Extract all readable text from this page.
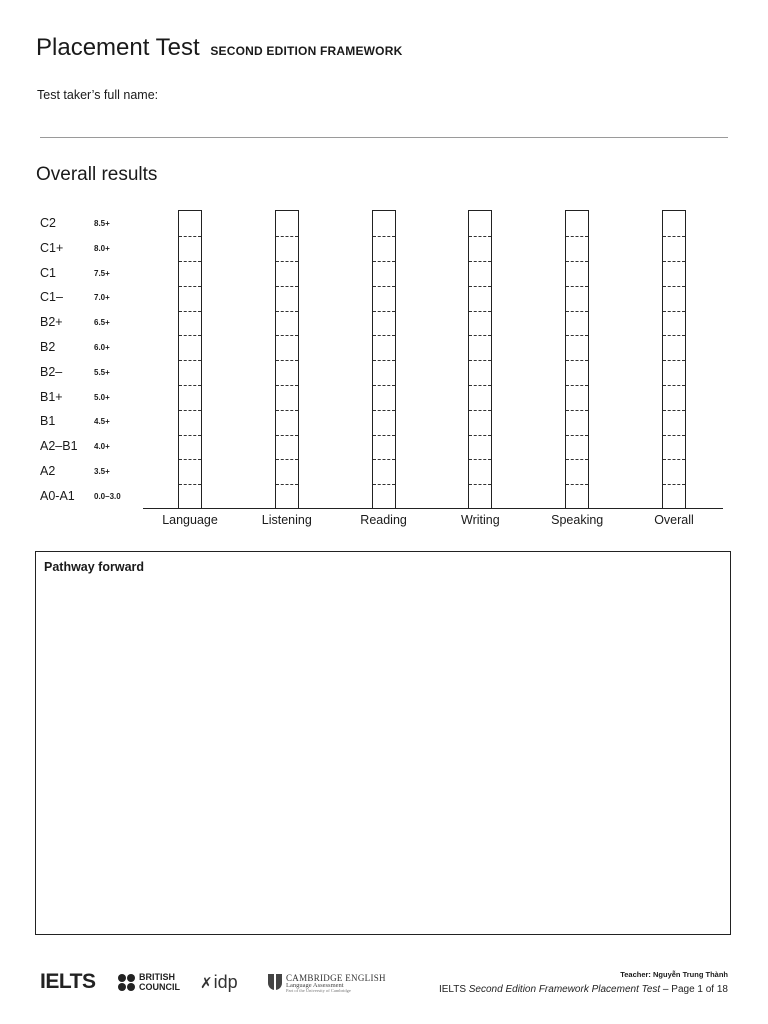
Placement Test SECOND EDITION FRAMEWORK
Test taker’s full name:
Overall results
C2	8.5+
C1+	8.0+
C1	7.5+
C1–	7.0+
B2+	6.5+
B2	6.0+
B2–	5.5+
B1+	5.0+
B1	4.5+
A2–B1 4.0+
A2	3.5+
A0-A1 0.0–3.0
Language	Listening	Reading	Writing	Speaking	Overall
Pathway forward
IELTS	BRITISH
COUNCIL ✗idp	CAMBRIDGE ENGLISH
Language Assessment
Part of the University of Cambridge
Teacher: Nguyễn Trung Thành
IELTS Second Edition Framework Placement Test – Page 1 of 18
